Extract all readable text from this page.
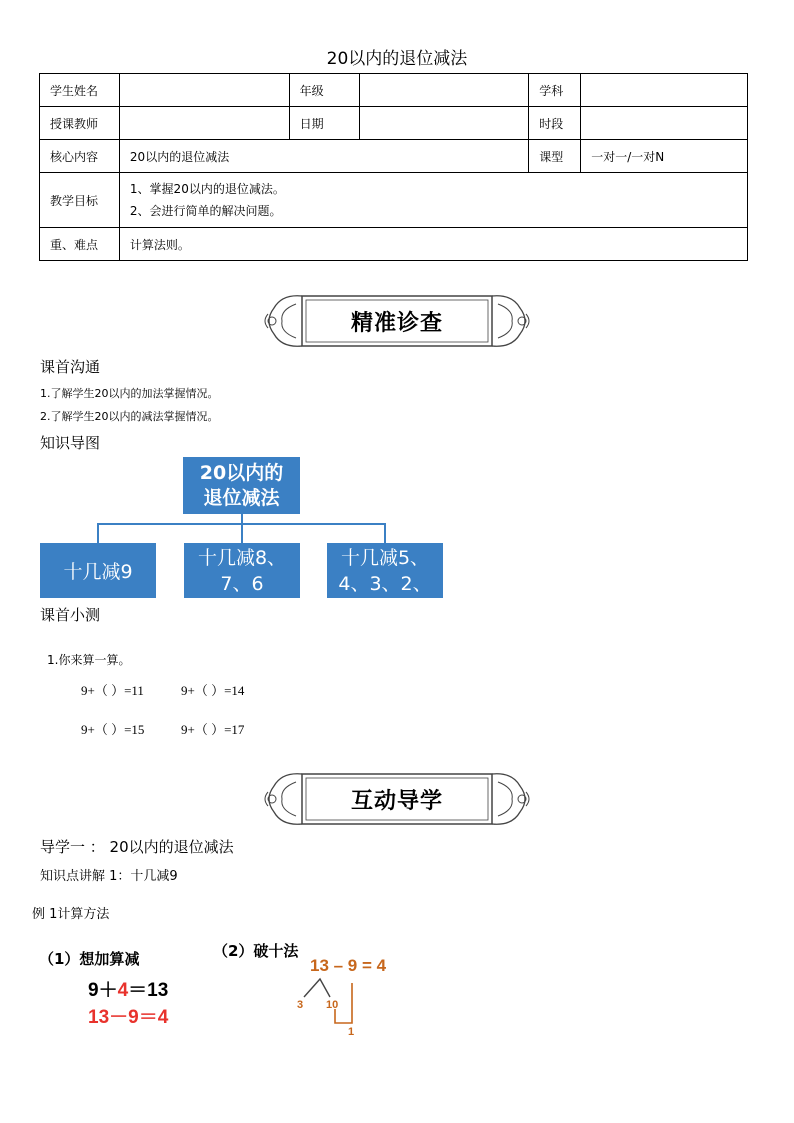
20以内的退位减法
学生姓名		年级		学科	
授课教师		日期		时段	
核心内容	20以内的退位减法			课型	一对一/一对N
教学目标	1、掌握20以内的退位减法。
2、会进行简单的解决问题。				

重、难点	计算法则。				
精准诊查
课首沟通
1.了解学生20以内的加法掌握情况。
2.了解学生20以内的减法掌握情况。
知识导图
20以内的
退位减法
十几减9
十几减8、
7、6
十几减5、
4、3、2、
课首小测
1.你来算一算。
9+（ ）=11	9+（ ）=14
9+（ ）=15	9+（ ）=17
互动导学
导学一 ： 20以内的退位减法
知识点讲解 1：十几减9
例 1计算方法
（1）想加算减
9＋4＝13
13－9＝4
（2）破十法
13 – 9 = 4
3 10
1
